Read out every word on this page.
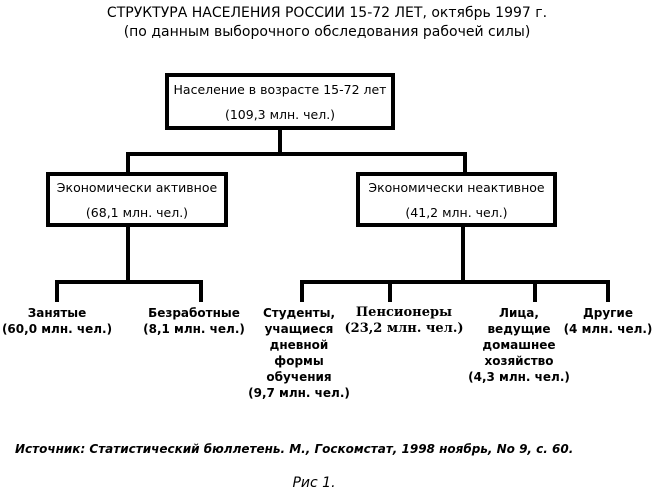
СТРУКТУРА НАСЕЛЕНИЯ РОССИИ 15-72 ЛЕТ, октябрь 1997 г.
(по данным выборочного обследования рабочей силы)
Население в возрасте 15-72 лет
(109,3 млн. чел.)
Экономически активное
(68,1 млн. чел.)
Экономически неактивное
(41,2 млн. чел.)
Занятые
(60,0 млн. чел.)
Безработные
(8,1 млн. чел.)
Студенты,
учащиеся
дневной
формы
обучения
(9,7 млн. чел.)
Пенсионеры
(23,2 млн. чел.)
Лица,
ведущие
домашнее
хозяйство
(4,3 млн. чел.)
Другие
(4 млн. чел.)
Источник: Статистический бюллетень. М., Госкомстат, 1998 ноябрь, No 9, с. 60.
Рис 1.
